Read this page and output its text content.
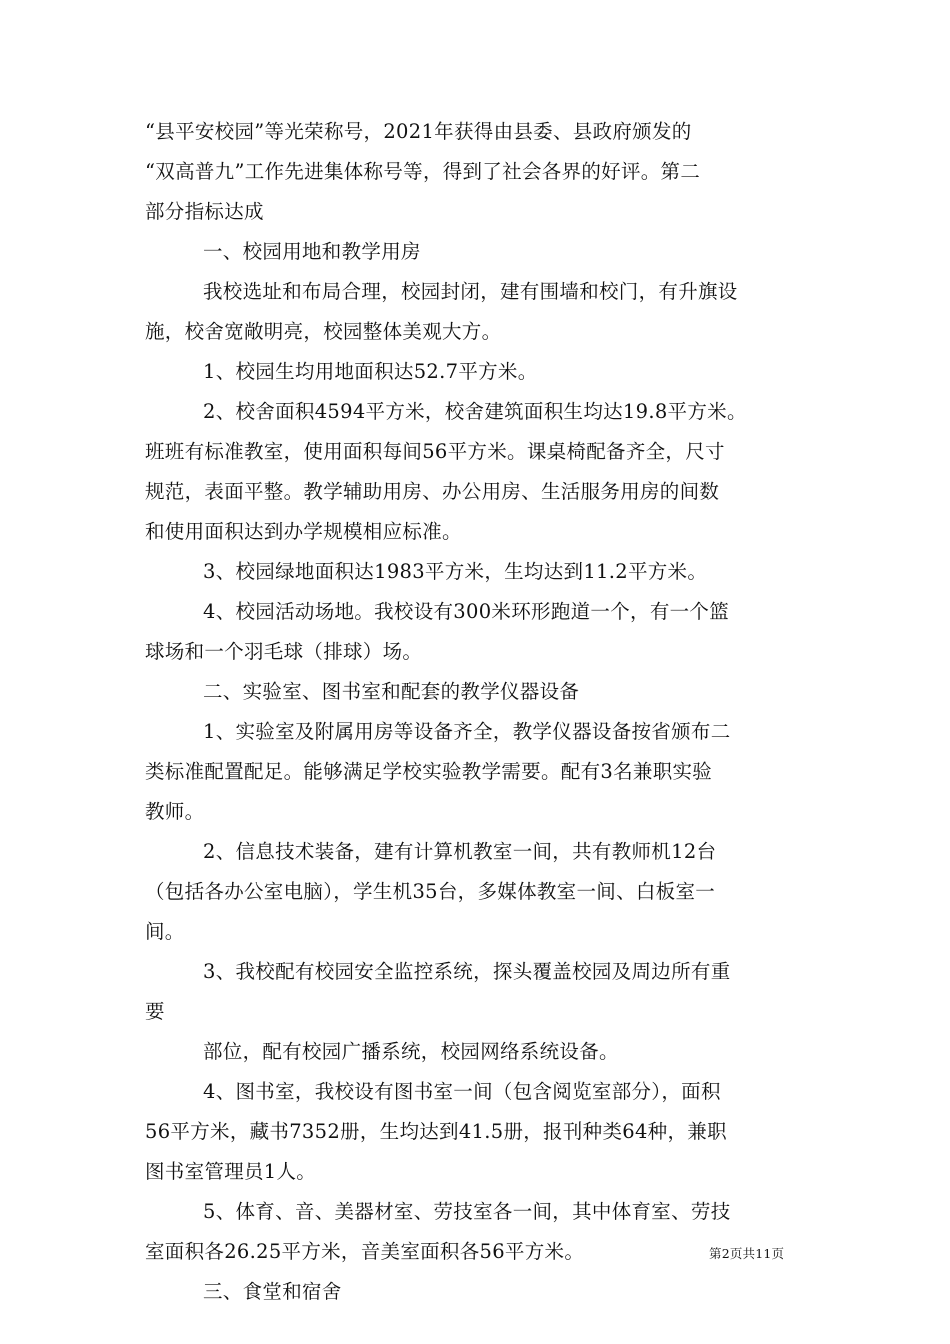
“县平安校园”等光荣称号，2021年获得由县委、县政府颁发的
“双高普九”工作先进集体称号等，得到了社会各界的好评。第二
部分指标达成
一、校园用地和教学用房
我校选址和布局合理，校园封闭，建有围墙和校门，有升旗设
施，校舍宽敞明亮，校园整体美观大方。
1、校园生均用地面积达52.7平方米。
2、校舍面积4594平方米，校舍建筑面积生均达19.8平方米。
班班有标准教室，使用面积每间56平方米。课桌椅配备齐全，尺寸
规范，表面平整。教学辅助用房、办公用房、生活服务用房的间数
和使用面积达到办学规模相应标准。
3、校园绿地面积达1983平方米，生均达到11.2平方米。
4、校园活动场地。我校设有300米环形跑道一个，有一个篮
球场和一个羽毛球（排球）场。
二、实验室、图书室和配套的教学仪器设备
1、实验室及附属用房等设备齐全，教学仪器设备按省颁布二
类标准配置配足。能够满足学校实验教学需要。配有3名兼职实验
教师。
2、信息技术装备，建有计算机教室一间，共有教师机12台
（包括各办公室电脑），学生机35台，多媒体教室一间、白板室一
间。
3、我校配有校园安全监控系统，探头覆盖校园及周边所有重
要
部位，配有校园广播系统，校园网络系统设备。
4、图书室，我校设有图书室一间（包含阅览室部分），面积
56平方米，藏书7352册，生均达到41.5册，报刊种类64种，兼职
图书室管理员1人。
5、体育、音、美器材室、劳技室各一间，其中体育室、劳技
室面积各26.25平方米，音美室面积各56平方米。
三、食堂和宿舍
第2页共11页
